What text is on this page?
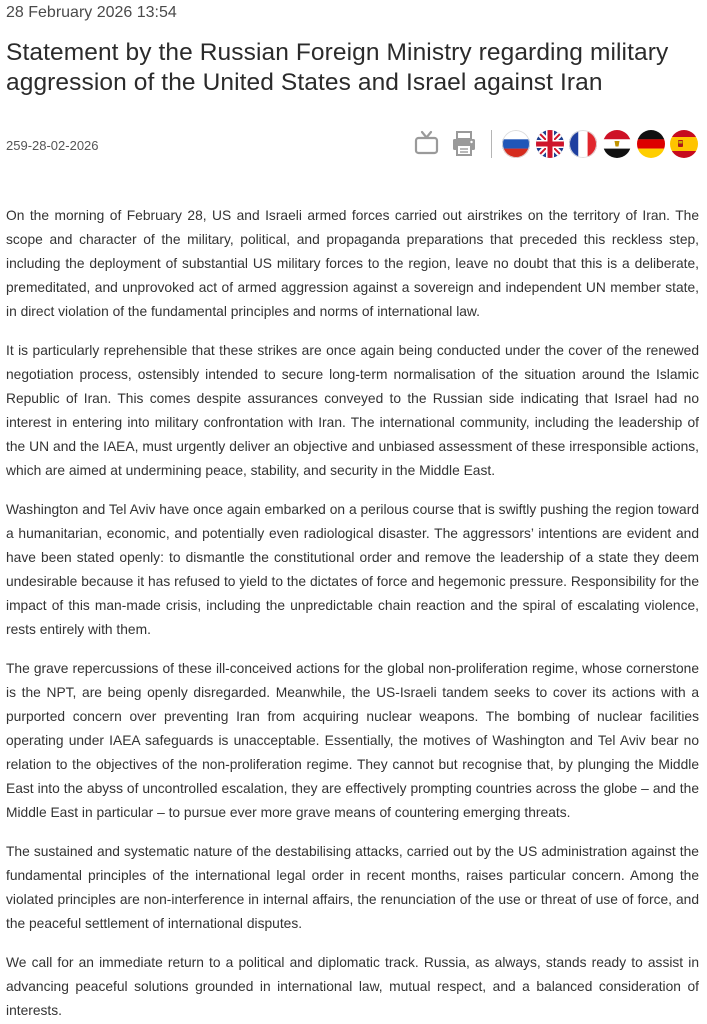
28 February 2026 13:54
Statement by the Russian Foreign Ministry regarding military aggression of the United States and Israel against Iran
259-28-02-2026

On the morning of February 28, US and Israeli armed forces carried out airstrikes on the territory of Iran. The scope and character of the military, political, and propaganda preparations that preceded this reckless step, including the deployment of substantial US military forces to the region, leave no doubt that this is a deliberate, premeditated, and unprovoked act of armed aggression against a sovereign and independent UN member state, in direct violation of the fundamental principles and norms of international law.

It is particularly reprehensible that these strikes are once again being conducted under the cover of the renewed negotiation process, ostensibly intended to secure long-term normalisation of the situation around the Islamic Republic of Iran. This comes despite assurances conveyed to the Russian side indicating that Israel had no interest in entering into military confrontation with Iran. The international community, including the leadership of the UN and the IAEA, must urgently deliver an objective and unbiased assessment of these irresponsible actions, which are aimed at undermining peace, stability, and security in the Middle East.

Washington and Tel Aviv have once again embarked on a perilous course that is swiftly pushing the region toward a humanitarian, economic, and potentially even radiological disaster. The aggressors’ intentions are evident and have been stated openly: to dismantle the constitutional order and remove the leadership of a state they deem undesirable because it has refused to yield to the dictates of force and hegemonic pressure. Responsibility for the impact of this man-made crisis, including the unpredictable chain reaction and the spiral of escalating violence, rests entirely with them.

The grave repercussions of these ill-conceived actions for the global non-proliferation regime, whose cornerstone is the NPT, are being openly disregarded. Meanwhile, the US-Israeli tandem seeks to cover its actions with a purported concern over preventing Iran from acquiring nuclear weapons. The bombing of nuclear facilities operating under IAEA safeguards is unacceptable. Essentially, the motives of Washington and Tel Aviv bear no relation to the objectives of the non-proliferation regime. They cannot but recognise that, by plunging the Middle East into the abyss of uncontrolled escalation, they are effectively prompting countries across the globe – and the Middle East in particular – to pursue ever more grave means of countering emerging threats.

The sustained and systematic nature of the destabilising attacks, carried out by the US administration against the fundamental principles of the international legal order in recent months, raises particular concern. Among the violated principles are non-interference in internal affairs, the renunciation of the use or threat of use of force, and the peaceful settlement of international disputes.

We call for an immediate return to a political and diplomatic track. Russia, as always, stands ready to assist in advancing peaceful solutions grounded in international law, mutual respect, and a balanced consideration of interests.
